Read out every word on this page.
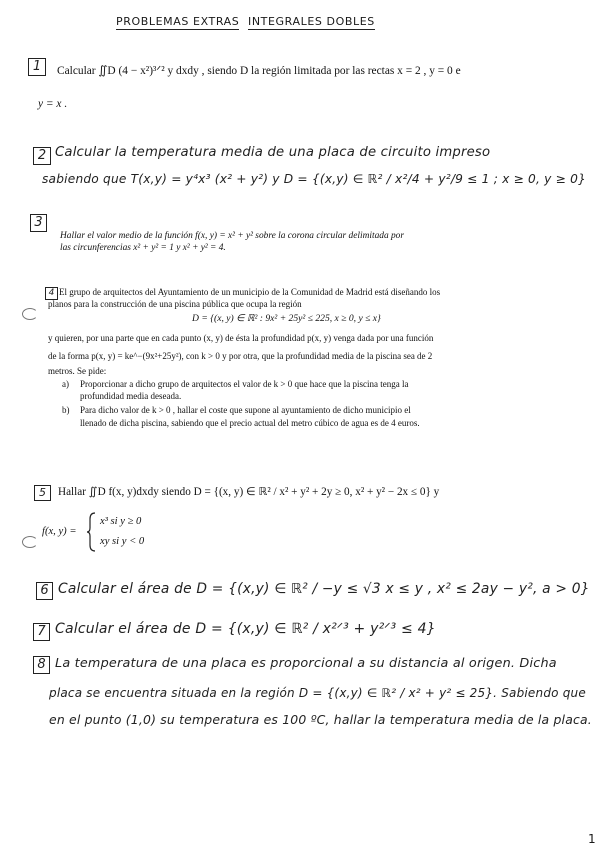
PROBLEMAS EXTRAS INTEGRALES DOBLES
1	Calcular ∬D (4 − x²)³ᐟ² y dxdy , siendo D la región limitada por las rectas x = 2 , y = 0 e
y = x .
2 Calcular la temperatura media de una placa de circuito impreso
sabiendo que T(x,y) = y⁴x³ (x² + y²) y D = {(x,y) ∈ ℝ² / x²/4 + y²/9 ≤ 1 ; x ≥ 0, y ≥ 0}
3
Hallar el valor medio de la función f(x, y) = x² + y² sobre la corona circular delimitada por
las circunferencias x² + y² = 1 y x² + y² = 4.
4 El grupo de arquitectos del Ayuntamiento de un municipio de la Comunidad de Madrid está diseñando los
planos para la construcción de una piscina pública que ocupa la región
D = {(x, y) ∈ ℝ² : 9x² + 25y² ≤ 225, x ≥ 0, y ≤ x}
y quieren, por una parte que en cada punto (x, y) de ésta la profundidad p(x, y) venga dada por una función
de la forma p(x, y) = ke^−(9x²+25y²), con k > 0 y por otra, que la profundidad media de la piscina sea de 2
metros. Se pide:
a) Proporcionar a dicho grupo de arquitectos el valor de k > 0 que hace que la piscina tenga la
profundidad media deseada.
b) Para dicho valor de k > 0 , hallar el coste que supone al ayuntamiento de dicho municipio el
llenado de dicha piscina, sabiendo que el precio actual del metro cúbico de agua es de 4 euros.
5	Hallar ∬D f(x, y)dxdy siendo D = {(x, y) ∈ ℝ² / x² + y² + 2y ≥ 0, x² + y² − 2x ≤ 0} y
f(x, y) =
x³ si y ≥ 0
xy si y < 0
6 Calcular el área de D = {(x,y) ∈ ℝ² / −y ≤ √3 x ≤ y , x² ≤ 2ay − y², a > 0}
7 Calcular el área de D = {(x,y) ∈ ℝ² / x²ᐟ³ + y²ᐟ³ ≤ 4}
8 La temperatura de una placa es proporcional a su distancia al origen. Dicha
placa se encuentra situada en la región D = {(x,y) ∈ ℝ² / x² + y² ≤ 25}. Sabiendo que
en el punto (1,0) su temperatura es 100 ºC, hallar la temperatura media de la placa.
1
